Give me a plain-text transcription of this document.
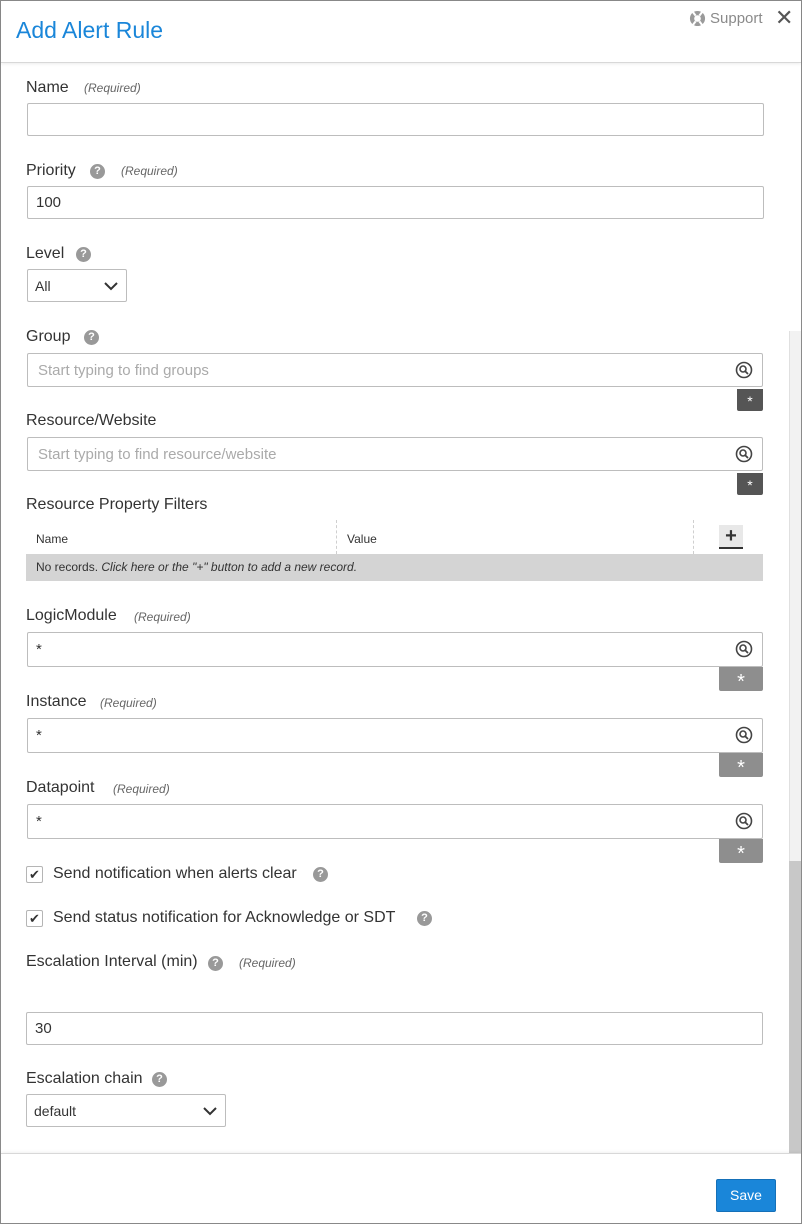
Add Alert Rule	Support ✕
Name (Required)
Priority	?	(Required)
100
Level	?
All
Group	?
Start typing to find groups
*
Resource/Website
Start typing to find resource/website
*
Resource Property Filters
Name	Value	+
No records. Click here or the "+" button to add a new record.
LogicModule (Required)
*
*
Instance (Required)
*
*
Datapoint (Required)
*
*
✔ Send notification when alerts clear	?
✔ Send status notification for Acknowledge or SDT	?
Escalation Interval (min)	?	(Required)
30
Escalation chain	?
default
Save
